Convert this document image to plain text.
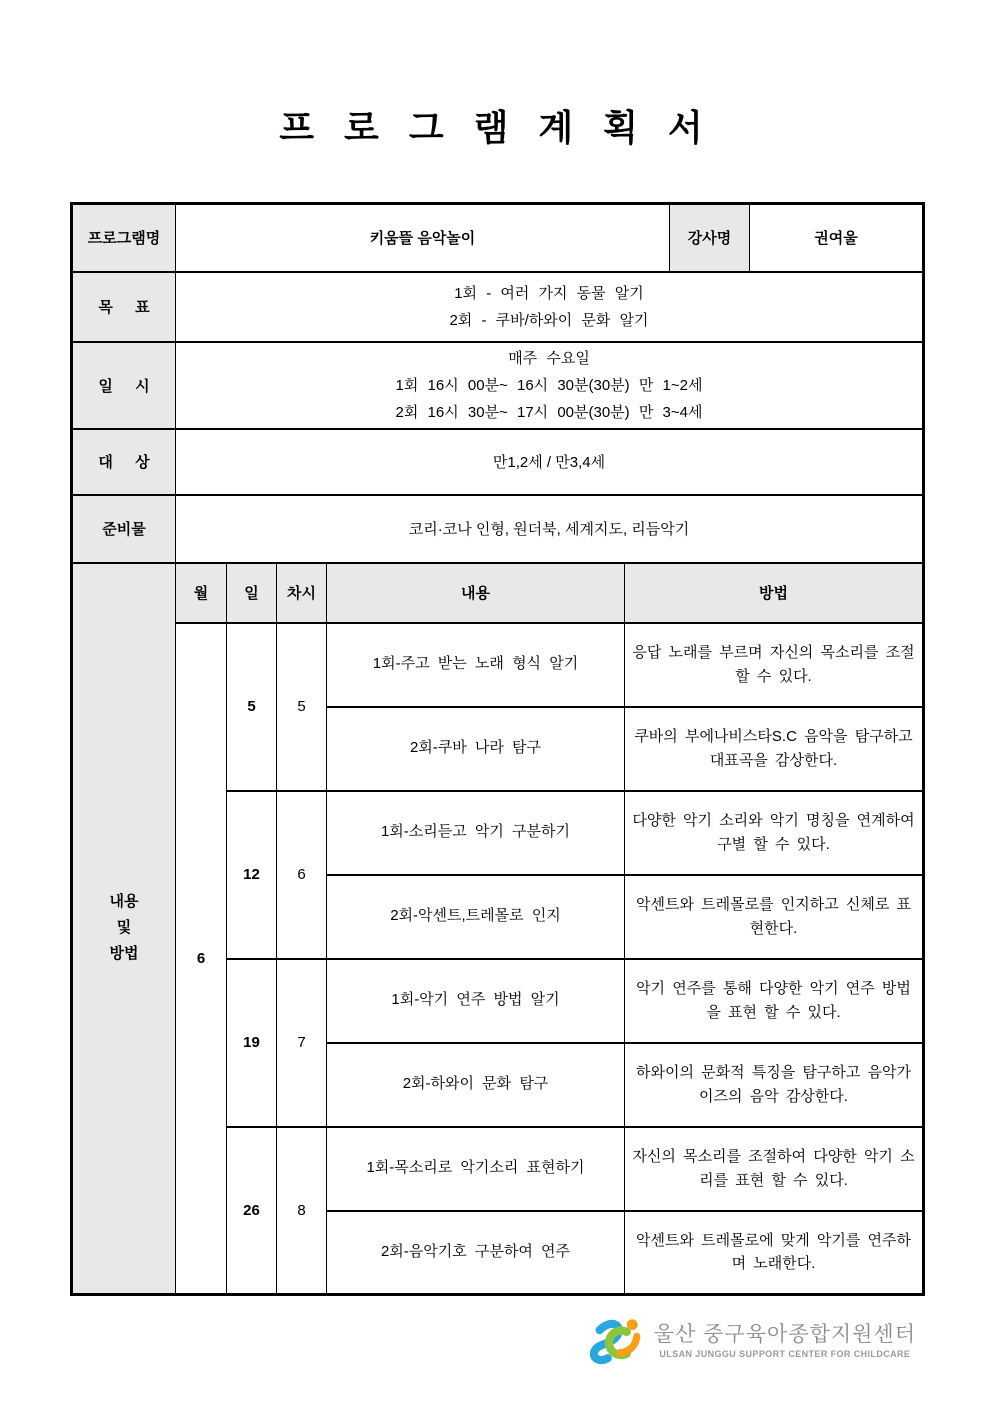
프 로 그 램 계 획 서
프로그램명	키움뜰 음악놀이					강사명	권여울
목 표	1회 - 여러 가지 동물 알기
2회 - 쿠바/하와이 문화 알기						

일 시	매주 수요일
1회 16시 00분~ 16시 30분(30분) 만 1~2세
2회 16시 30분~ 17시 00분(30분) 만 3~4세						

대 상	만1,2세 / 만3,4세						
준비물	코리·코나 인형, 원더북, 세계지도, 리듬악기						

내용
및
방법	월	일	차시	내용	방법		
	6	5	5	1회-주고 받는 노래 형식 알기	응답 노래를 부르며 자신의 목소리를 조절 할 수 있다.		
				2회-쿠바 나라 탐구	쿠바의 부에나비스타S.C 음악을 탐구하고 대표곡을 감상한다.		
		12	6	1회-소리듣고 악기 구분하기	다양한 악기 소리와 악기 명칭을 연계하여 구별 할 수 있다.		
				2회-악센트,트레몰로 인지	악센트와 트레몰로를 인지하고 신체로 표현한다.		
		19	7	1회-악기 연주 방법 알기	악기 연주를 통해 다양한 악기 연주 방법을 표현 할 수 있다.		
				2회-하와이 문화 탐구	하와이의 문화적 특징을 탐구하고 음악가 이즈의 음악 감상한다.		
		26	8	1회-목소리로 악기소리 표현하기	자신의 목소리를 조절하여 다양한 악기 소리를 표현 할 수 있다.		
				2회-음악기호 구분하여 연주	악센트와 트레몰로에 맞게 악기를 연주하며 노래한다.		
울산 중구육아종합지원센터
ULSAN JUNGGU SUPPORT CENTER FOR CHILDCARE
